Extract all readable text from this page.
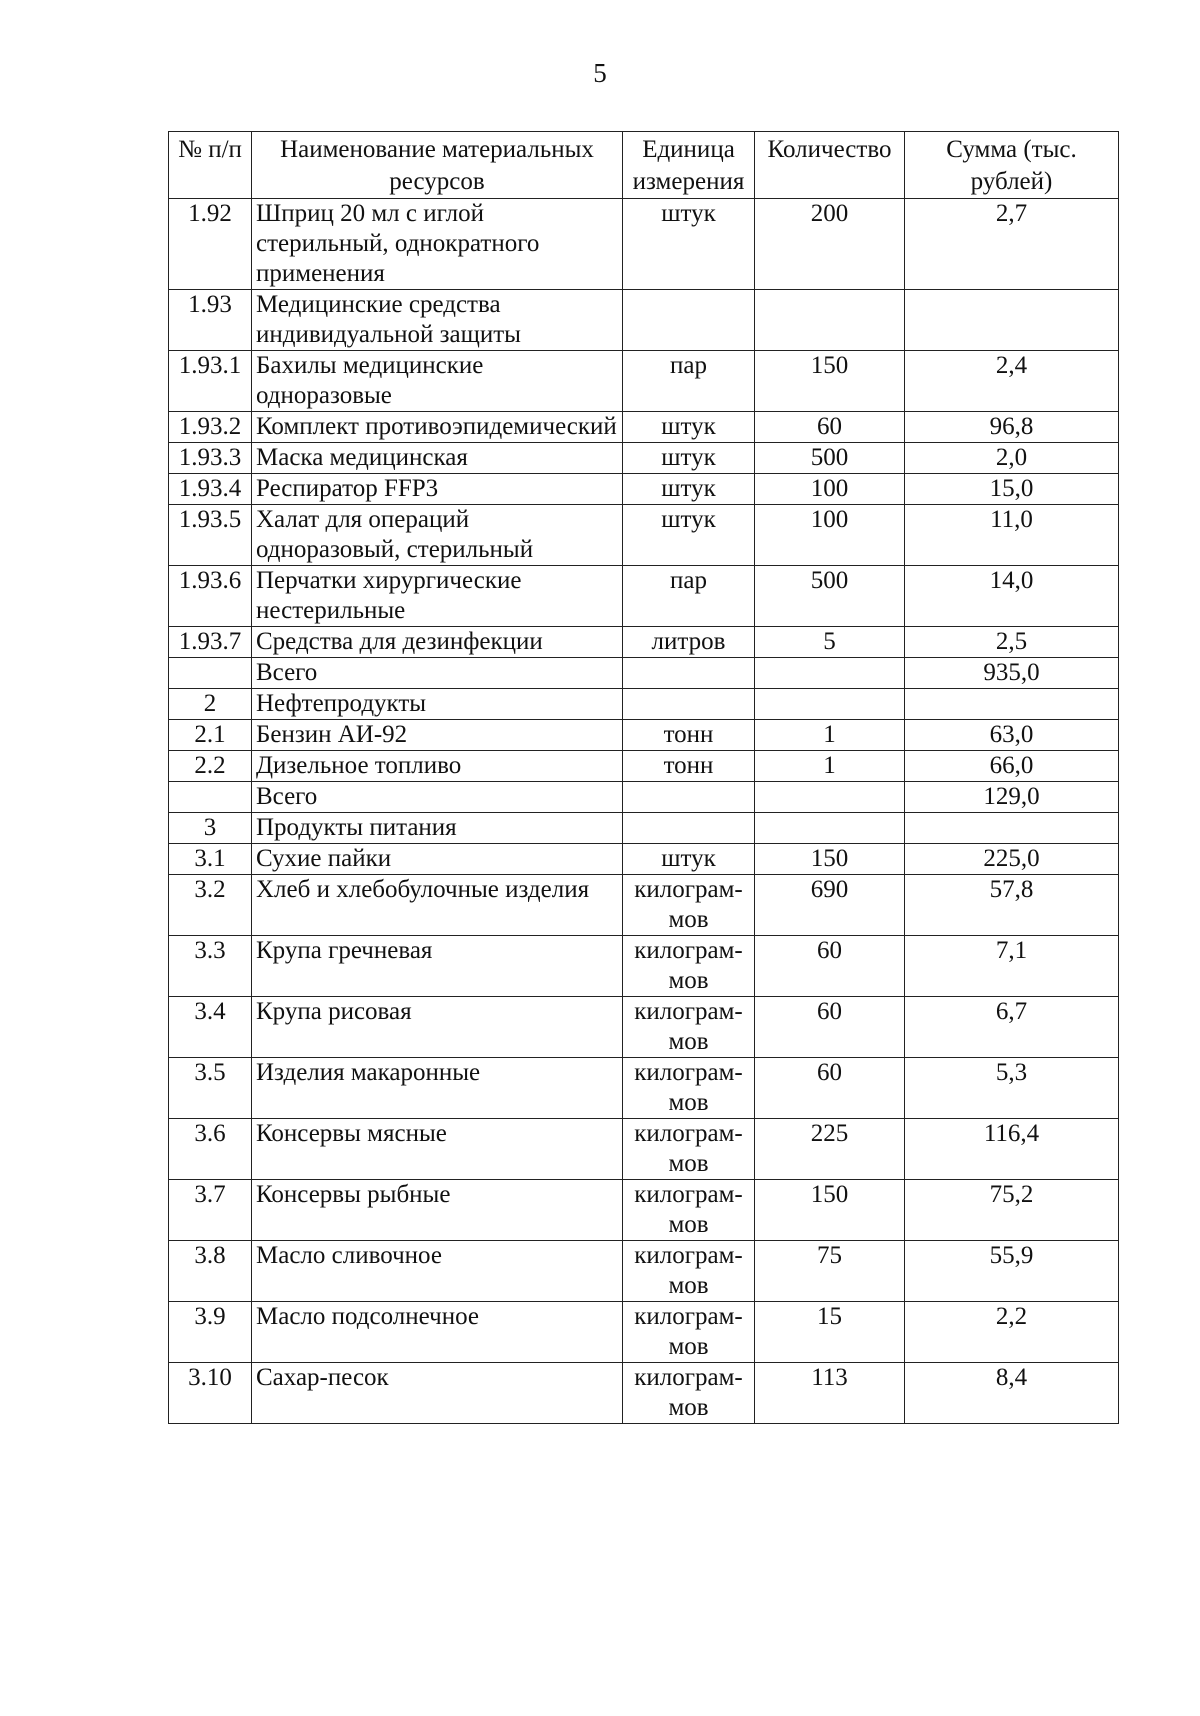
5
№ п/п	Наименование материальных ресурсов	Единица измерения	Количество	Сумма (тыс. рублей)
1.92	Шприц 20 мл с иглой стерильный, однократного применения	штук	200	2,7
1.93	Медицинские средства индивидуальной защиты			
1.93.1	Бахилы медицинские одноразовые	пар	150	2,4
1.93.2	Комплект противоэпидемический	штук	60	96,8
1.93.3	Маска медицинская	штук	500	2,0
1.93.4	Респиратор FFP3	штук	100	15,0
1.93.5	Халат для операций одноразовый, стерильный	штук	100	11,0
1.93.6	Перчатки хирургические нестерильные	пар	500	14,0
1.93.7	Средства для дезинфекции	литров	5	2,5
	Всего			935,0
2	Нефтепродукты			
2.1	Бензин АИ-92	тонн	1	63,0
2.2	Дизельное топливо	тонн	1	66,0
	Всего			129,0
3	Продукты питания			
3.1	Сухие пайки	штук	150	225,0
3.2	Хлеб и хлебобулочные изделия	килограм- мов	690	57,8
3.3	Крупа гречневая	килограм- мов	60	7,1
3.4	Крупа рисовая	килограм- мов	60	6,7
3.5	Изделия макаронные	килограм- мов	60	5,3
3.6	Консервы мясные	килограм- мов	225	116,4
3.7	Консервы рыбные	килограм- мов	150	75,2
3.8	Масло сливочное	килограм- мов	75	55,9
3.9	Масло подсолнечное	килограм- мов	15	2,2
3.10	Сахар-песок	килограм- мов	113	8,4
